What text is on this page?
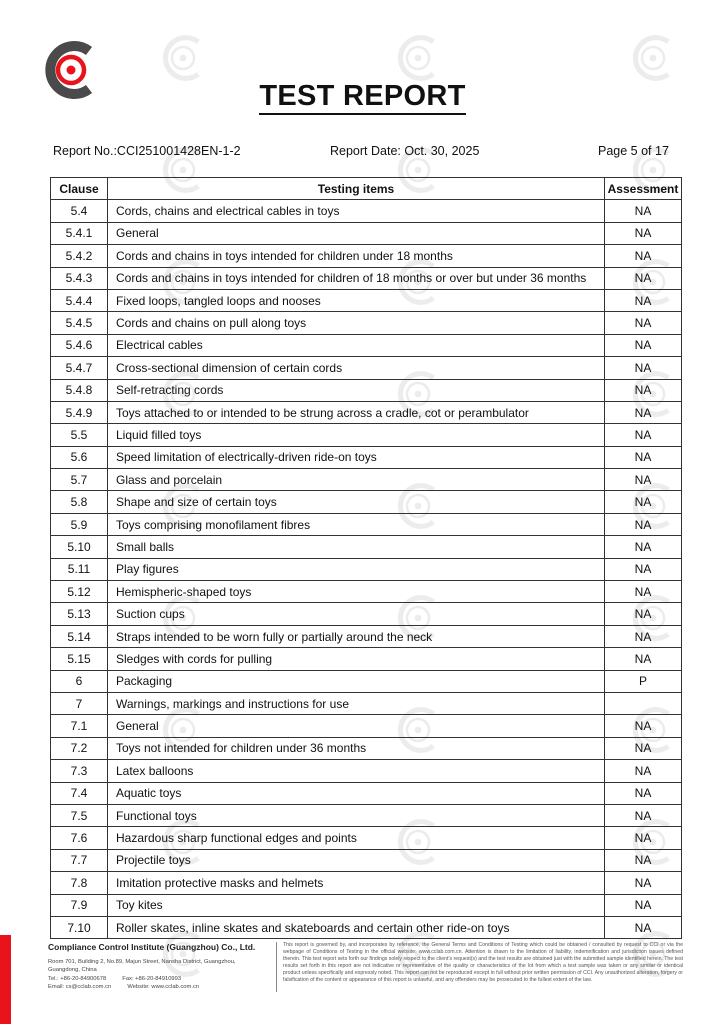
TEST REPORT
Report No.:CCI251001428EN-1-2	Report Date: Oct. 30, 2025	Page 5 of 17
Clause	Testing items	Assessment
5.4	Cords, chains and electrical cables in toys	NA
5.4.1	General	NA
5.4.2	Cords and chains in toys intended for children under 18 months	NA
5.4.3	Cords and chains in toys intended for children of 18 months or over but under 36 months	NA
5.4.4	Fixed loops, tangled loops and nooses	NA
5.4.5	Cords and chains on pull along toys	NA
5.4.6	Electrical cables	NA
5.4.7	Cross-sectional dimension of certain cords	NA
5.4.8	Self-retracting cords	NA
5.4.9	Toys attached to or intended to be strung across a cradle, cot or perambulator	NA
5.5	Liquid filled toys	NA
5.6	Speed limitation of electrically-driven ride-on toys	NA
5.7	Glass and porcelain	NA
5.8	Shape and size of certain toys	NA
5.9	Toys comprising monofilament fibres	NA
5.10	Small balls	NA
5.11	Play figures	NA
5.12	Hemispheric-shaped toys	NA
5.13	Suction cups	NA
5.14	Straps intended to be worn fully or partially around the neck	NA
5.15	Sledges with cords for pulling	NA
6	Packaging	P
7	Warnings, markings and instructions for use	
7.1	General	NA
7.2	Toys not intended for children under 36 months	NA
7.3	Latex balloons	NA
7.4	Aquatic toys	NA
7.5	Functional toys	NA
7.6	Hazardous sharp functional edges and points	NA
7.7	Projectile toys	NA
7.8	Imitation protective masks and helmets	NA
7.9	Toy kites	NA
7.10	Roller skates, inline skates and skateboards and certain other ride-on toys	NA
Compliance Control Institute (Guangzhou) Co., Ltd.
Room 701, Building 2, No.89, Majun Street, Nansha District, Guangzhou,
Guangdong, China
Tel.: +86-20-84900678          Fax: +86-20-84910993
Email: cs@cclab.com.cn          Website: www.cclab.com.cn
This report is governed by, and incorporates by reference, the General Terms and Conditions of Testing which could be obtained / consulted by request to CCI or via the webpage of Conditions of Testing in the official website: www.cclab.com.cn. Attention is drawn to the limitation of liability, indemnification and jurisdiction issues defined therein. This test report sets forth our findings solely respect to the client's request(s) and the test results are obtained just with the submitted sample identified herein. The test results set forth in this report are not indicative or representative of the quality or characteristics of the lot from which a test sample was taken or any similar or identical product unless specifically and expressly noted. This report can not be reproduced except in full without prior written permission of CCI. Any unauthorized alteration, forgery or falsification of the content or appearance of this report is unlawful, and any offenders may be prosecuted to the fullest extent of the law.
